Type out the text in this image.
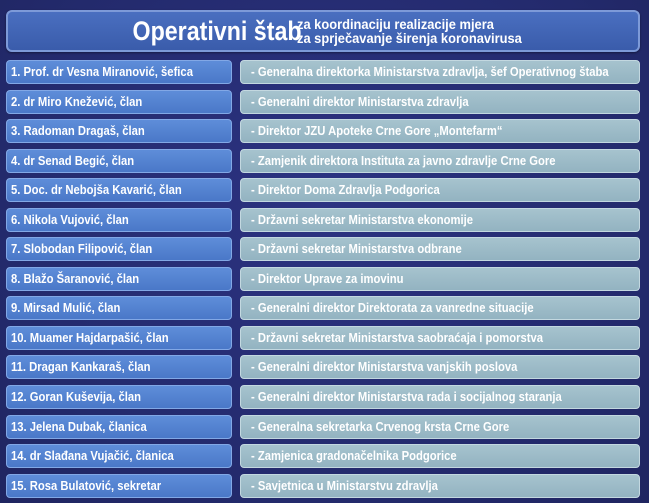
Operativni štab
za koordinaciju realizacije mjera
za sprječavanje širenja koronavirusa
1. Prof. dr Vesna Miranović, šefica	- Generalna direktorka Ministarstva zdravlja, šef Operativnog štaba
2. dr Miro Knežević, član	- Generalni direktor Ministarstva zdravlja
3. Radoman Dragaš, član	- Direktor JZU Apoteke Crne Gore „Montefarm“
4. dr Senad Begić, član	- Zamjenik direktora Instituta za javno zdravlje Crne Gore
5. Doc. dr Nebojša Kavarić, član	- Direktor Doma Zdravlja Podgorica
6. Nikola Vujović, član	- Državni sekretar Ministarstva ekonomije
7. Slobodan Filipović, član	- Državni sekretar Ministarstva odbrane
8. Blažo Šaranović, član	- Direktor Uprave za imovinu
9. Mirsad Mulić, član	- Generalni direktor Direktorata za vanredne situacije
10. Muamer Hajdarpašić, član	- Državni sekretar Ministarstva saobraćaja i pomorstva
11. Dragan Kankaraš, član	- Generalni direktor Ministarstva vanjskih poslova
12. Goran Kuševija, član	- Generalni direktor Ministarstva rada i socijalnog staranja
13. Jelena Dubak, članica	- Generalna sekretarka Crvenog krsta Crne Gore
14. dr Slađana Vujačić, članica	- Zamjenica gradonačelnika Podgorice
15. Rosa Bulatović, sekretar	- Savjetnica u Ministarstvu zdravlja
